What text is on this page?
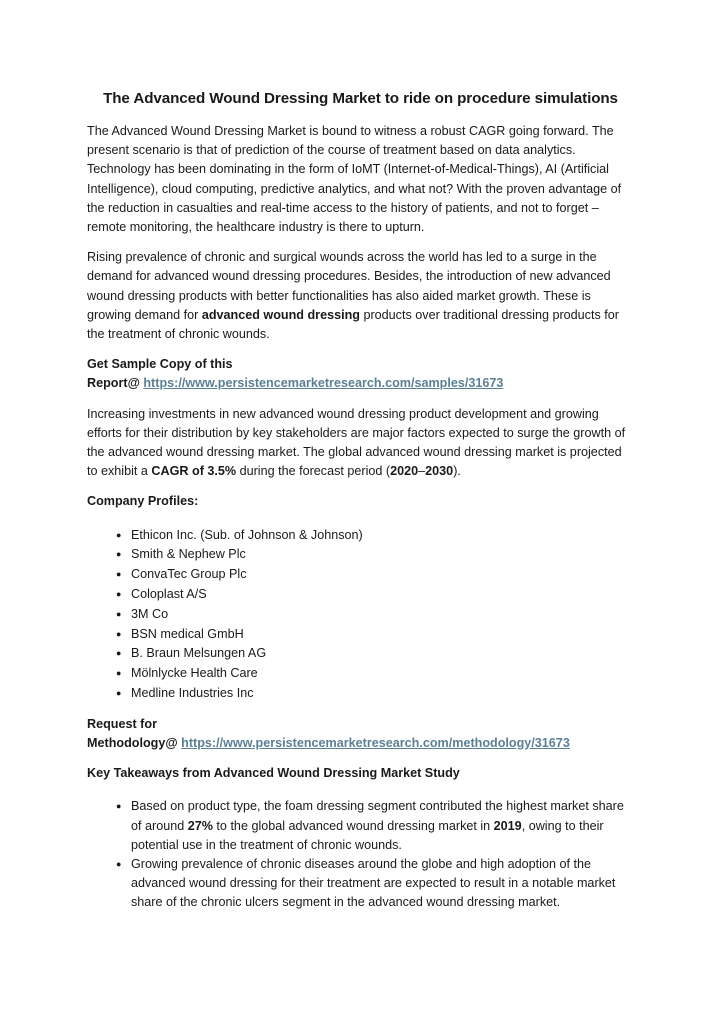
The Advanced Wound Dressing Market to ride on procedure simulations

The Advanced Wound Dressing Market is bound to witness a robust CAGR going forward. The present scenario is that of prediction of the course of treatment based on data analytics. Technology has been dominating in the form of IoMT (Internet-of-Medical-Things), AI (Artificial Intelligence), cloud computing, predictive analytics, and what not? With the proven advantage of the reduction in casualties and real-time access to the history of patients, and not to forget – remote monitoring, the healthcare industry is there to upturn.

Rising prevalence of chronic and surgical wounds across the world has led to a surge in the demand for advanced wound dressing procedures. Besides, the introduction of new advanced wound dressing products with better functionalities has also aided market growth. These is growing demand for advanced wound dressing products over traditional dressing products for the treatment of chronic wounds.

Get Sample Copy of this
Report@ https://www.persistencemarketresearch.com/samples/31673

Increasing investments in new advanced wound dressing product development and growing efforts for their distribution by key stakeholders are major factors expected to surge the growth of the advanced wound dressing market. The global advanced wound dressing market is projected to exhibit a CAGR of 3.5% during the forecast period (2020–2030).

Company Profiles:

● Ethicon Inc. (Sub. of Johnson & Johnson)
● Smith & Nephew Plc
● ConvaTec Group Plc
● Coloplast A/S
● 3M Co
● BSN medical GmbH
● B. Braun Melsungen AG
● Mölnlycke Health Care
● Medline Industries Inc

Request for
Methodology@ https://www.persistencemarketresearch.com/methodology/31673

Key Takeaways from Advanced Wound Dressing Market Study

● Based on product type, the foam dressing segment contributed the highest market share of around 27% to the global advanced wound dressing market in 2019, owing to their potential use in the treatment of chronic wounds.
● Growing prevalence of chronic diseases around the globe and high adoption of the advanced wound dressing for their treatment are expected to result in a notable market share of the chronic ulcers segment in the advanced wound dressing market.
